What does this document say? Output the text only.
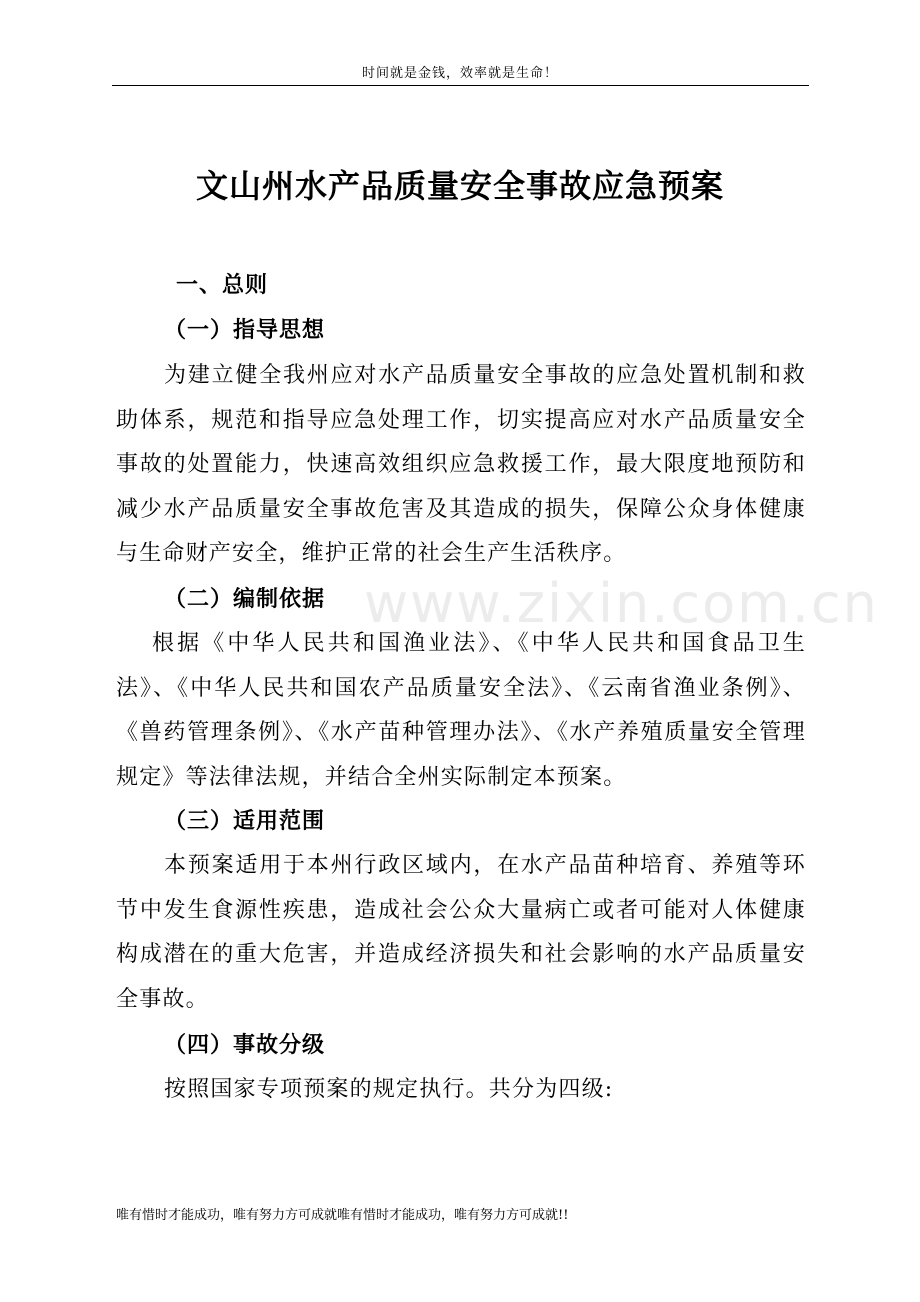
时间就是金钱，效率就是生命！
文山州水产品质量安全事故应急预案
一、总则
（一）指导思想

为建立健全我州应对水产品质量安全事故的应急处置机制和救助体系，规范和指导应急处理工作，切实提高应对水产品质量安全事故的处置能力，快速高效组织应急救援工作，最大限度地预防和减少水产品质量安全事故危害及其造成的损失，保障公众身体健康与生命财产安全，维护正常的社会生产生活秩序。

（二）编制依据

根据《中华人民共和国渔业法》、《中华人民共和国食品卫生法》、《中华人民共和国农产品质量安全法》、《云南省渔业条例》、《兽药管理条例》、《水产苗种管理办法》、《水产养殖质量安全管理规定》等法律法规，并结合全州实际制定本预案。

（三）适用范围

本预案适用于本州行政区域内，在水产品苗种培育、养殖等环节中发生食源性疾患，造成社会公众大量病亡或者可能对人体健康构成潜在的重大危害，并造成经济损失和社会影响的水产品质量安全事故。

（四）事故分级

按照国家专项预案的规定执行。共分为四级:

www.zixin.com.cn
唯有惜时才能成功，唯有努力方可成就唯有惜时才能成功，唯有努力方可成就!!
